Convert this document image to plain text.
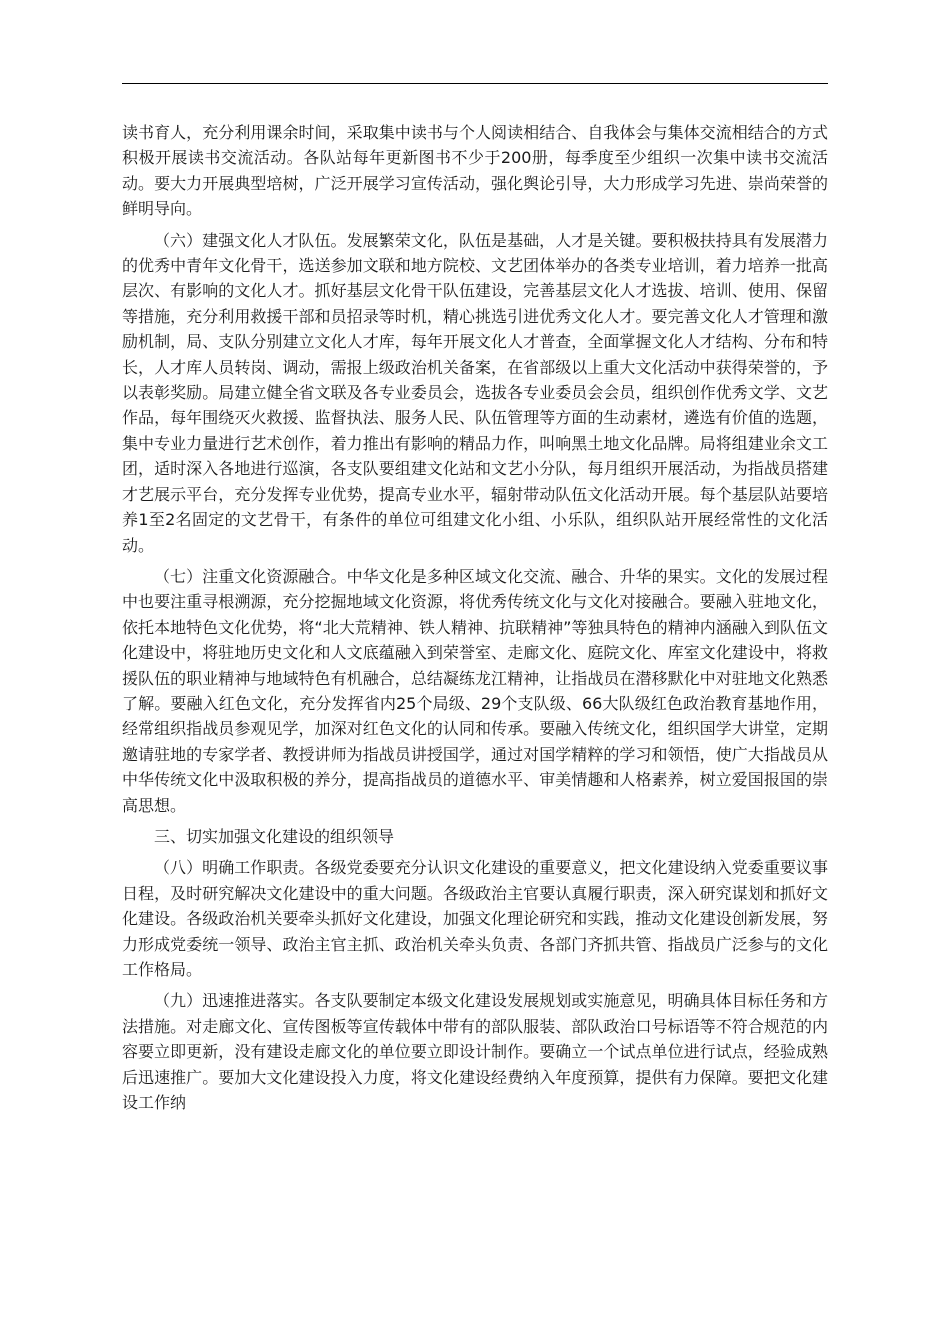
读书育人，充分利用课余时间，采取集中读书与个人阅读相结合、自我体会与集体交流相结合的方式积极开展读书交流活动。各队站每年更新图书不少于200册，每季度至少组织一次集中读书交流活动。要大力开展典型培树，广泛开展学习宣传活动，强化舆论引导，大力形成学习先进、崇尚荣誉的鲜明导向。

（六）建强文化人才队伍。发展繁荣文化，队伍是基础，人才是关键。要积极扶持具有发展潜力的优秀中青年文化骨干，选送参加文联和地方院校、文艺团体举办的各类专业培训，着力培养一批高层次、有影响的文化人才。抓好基层文化骨干队伍建设，完善基层文化人才选拔、培训、使用、保留等措施，充分利用救援干部和员招录等时机，精心挑选引进优秀文化人才。要完善文化人才管理和激励机制，局、支队分别建立文化人才库，每年开展文化人才普查，全面掌握文化人才结构、分布和特长，人才库人员转岗、调动，需报上级政治机关备案，在省部级以上重大文化活动中获得荣誉的，予以表彰奖励。局建立健全省文联及各专业委员会，选拔各专业委员会会员，组织创作优秀文学、文艺作品，每年围绕灭火救援、监督执法、服务人民、队伍管理等方面的生动素材，遴选有价值的选题，集中专业力量进行艺术创作，着力推出有影响的精品力作，叫响黑土地文化品牌。局将组建业余文工团，适时深入各地进行巡演，各支队要组建文化站和文艺小分队，每月组织开展活动，为指战员搭建才艺展示平台，充分发挥专业优势，提高专业水平，辐射带动队伍文化活动开展。每个基层队站要培养1至2名固定的文艺骨干，有条件的单位可组建文化小组、小乐队，组织队站开展经常性的文化活动。

（七）注重文化资源融合。中华文化是多种区域文化交流、融合、升华的果实。文化的发展过程中也要注重寻根溯源，充分挖掘地域文化资源，将优秀传统文化与文化对接融合。要融入驻地文化，依托本地特色文化优势，将“北大荒精神、铁人精神、抗联精神”等独具特色的精神内涵融入到队伍文化建设中，将驻地历史文化和人文底蕴融入到荣誉室、走廊文化、庭院文化、库室文化建设中，将救援队伍的职业精神与地域特色有机融合，总结凝练龙江精神，让指战员在潜移默化中对驻地文化熟悉了解。要融入红色文化，充分发挥省内25个局级、29个支队级、66大队级红色政治教育基地作用，经常组织指战员参观见学，加深对红色文化的认同和传承。要融入传统文化，组织国学大讲堂，定期邀请驻地的专家学者、教授讲师为指战员讲授国学，通过对国学精粹的学习和领悟，使广大指战员从中华传统文化中汲取积极的养分，提高指战员的道德水平、审美情趣和人格素养，树立爱国报国的崇高思想。

三、切实加强文化建设的组织领导

（八）明确工作职责。各级党委要充分认识文化建设的重要意义，把文化建设纳入党委重要议事日程，及时研究解决文化建设中的重大问题。各级政治主官要认真履行职责，深入研究谋划和抓好文化建设。各级政治机关要牵头抓好文化建设，加强文化理论研究和实践，推动文化建设创新发展，努力形成党委统一领导、政治主官主抓、政治机关牵头负责、各部门齐抓共管、指战员广泛参与的文化工作格局。

（九）迅速推进落实。各支队要制定本级文化建设发展规划或实施意见，明确具体目标任务和方法措施。对走廊文化、宣传图板等宣传载体中带有的部队服装、部队政治口号标语等不符合规范的内容要立即更新，没有建设走廊文化的单位要立即设计制作。要确立一个试点单位进行试点，经验成熟后迅速推广。要加大文化建设投入力度，将文化建设经费纳入年度预算，提供有力保障。要把文化建设工作纳
